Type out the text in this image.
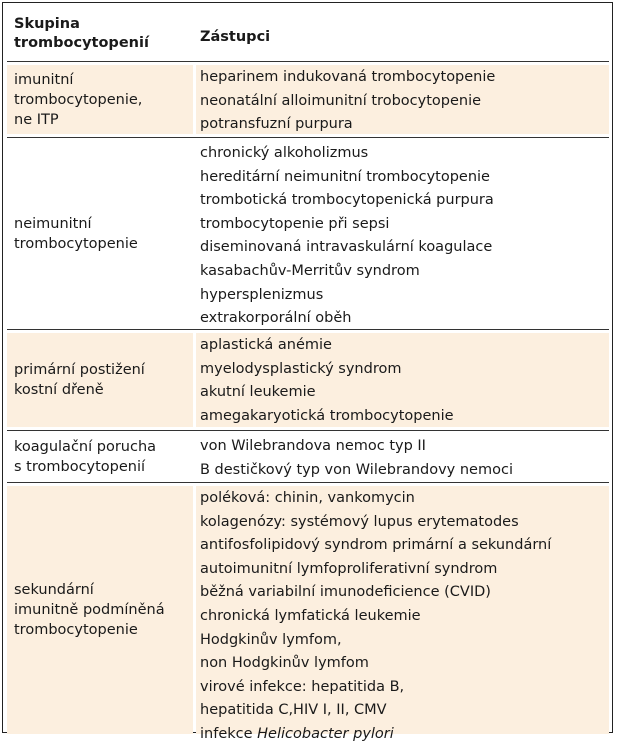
Skupina
trombocytopenií	Zástupci
imunitní
trombocytopenie,
ne ITP
heparinem indukovaná trombocytopenie
neonatální alloimunitní trobocytopenie
potransfuzní purpura
neimunitní
trombocytopenie
chronický alkoholizmus
hereditární neimunitní trombocytopenie
trombotická trombocytopenická purpura
trombocytopenie při sepsi
diseminovaná intravaskulární koagulace
kasabachův-Merritův syndrom
hypersplenizmus
extrakorporální oběh
primární postižení
kostní dřeně
aplastická anémie
myelodysplastický syndrom
akutní leukemie
amegakaryotická trombocytopenie
koagulační porucha
s trombocytopenií
von Wilebrandova nemoc typ II
B destičkový typ von Wilebrandovy nemoci
sekundární
imunitně podmíněná
trombocytopenie
poléková: chinin, vankomycin
kolagenózy: systémový lupus erytematodes
antifosfolipidový syndrom primární a sekundární
autoimunitní lymfoproliferativní syndrom
běžná variabilní imunodeficience (CVID)
chronická lymfatická leukemie
Hodgkinův lymfom,
non Hodgkinův lymfom
virové infekce: hepatitida B,
hepatitida C,HIV I, II, CMV
infekce Helicobacter pylori
